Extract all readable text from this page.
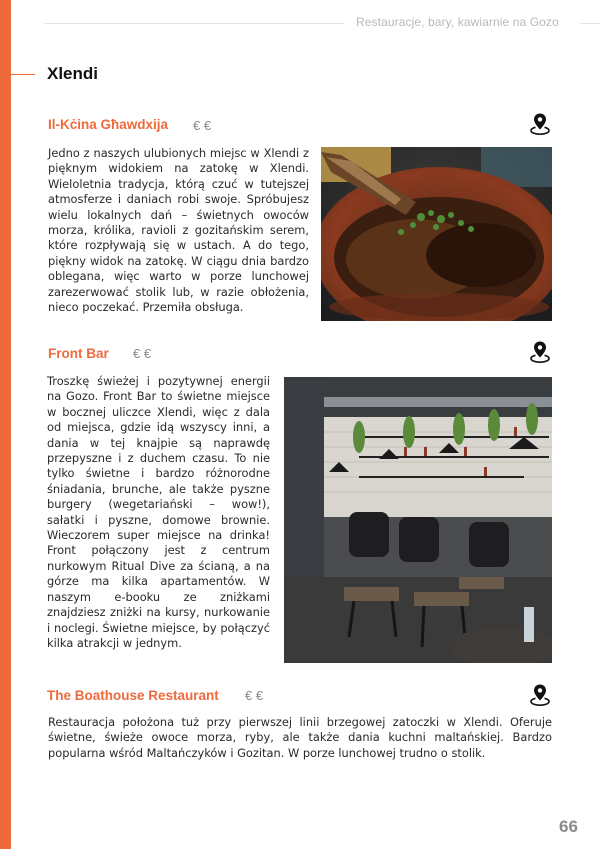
Restauracje, bary, kawiarnie na Gozo
Xlendi
Il-Kċina Għawdxija € €
Jedno z naszych ulubionych miejsc w Xlendi z pięknym widokiem na zatokę w Xlendi. Wieloletnia tradycja, którą czuć w tutejszej atmosferze i daniach robi swoje. Spróbujesz wielu lokalnych dań – świetnych owoców morza, królika, ravioli z gozitańskim serem, które rozpływają się w ustach. A do tego, piękny widok na zatokę. W ciągu dnia bardzo oblegana, więc warto w porze lunchowej zarezerwować stolik lub, w razie obłożenia, nieco poczekać. Przemiła obsługa.
Front Bar € €
Troszkę świeżej i pozytywnej energii na Gozo. Front Bar to świetne miejsce w bocznej uliczce Xlendi, więc z dala od miejsca, gdzie idą wszyscy inni, a dania w tej knajpie są naprawdę przepyszne i z duchem czasu. To nie tylko świetne i bardzo różnorodne śniadania, brunche, ale także pyszne burgery (wegetariański – wow!), sałatki i pyszne, domowe brownie. Wieczorem super miejsce na drinka! Front połączony jest z centrum nurkowym Ritual Dive za ścianą, a na górze ma kilka apartamentów. W naszym e-booku ze zniżkami znajdziesz zniżki na kursy, nurkowanie i noclegi. Świetne miejsce, by połączyć kilka atrakcji w jednym.
The Boathouse Restaurant € €
Restauracja położona tuż przy pierwszej linii brzegowej zatoczki w Xlendi. Oferuje świetne, świeże owoce morza, ryby, ale także dania kuchni maltańskiej. Bardzo popularna wśród Maltańczyków i Gozitan. W porze lunchowej trudno o stolik.
66
